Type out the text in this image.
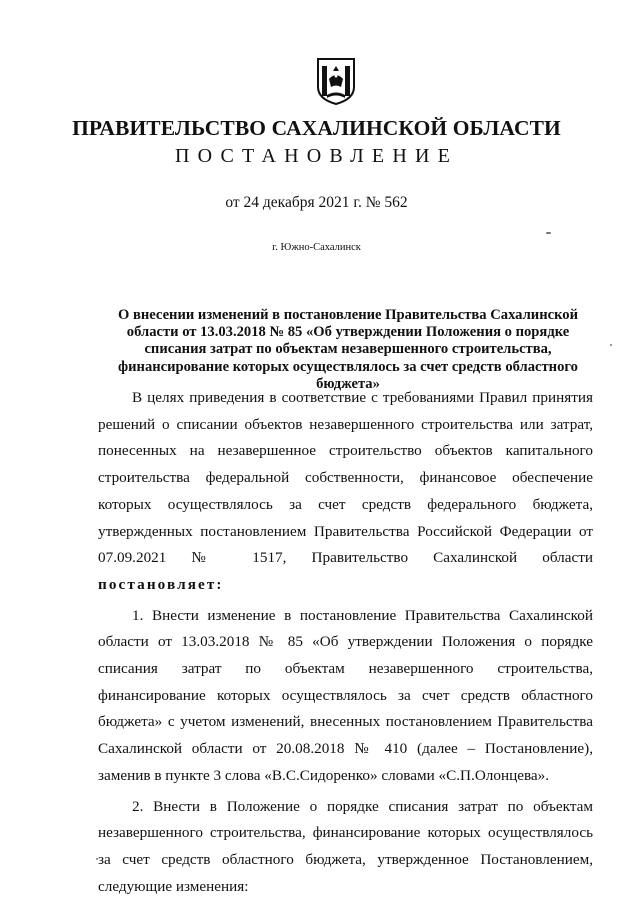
ПРАВИТЕЛЬСТВО САХАЛИНСКОЙ ОБЛАСТИ
ПОСТАНОВЛЕНИЕ
от 24 декабря 2021 г. № 562
г. Южно-Сахалинск
О внесении изменений в постановление Правительства Сахалинской области от 13.03.2018 № 85 «Об утверждении Положения о порядке списания затрат по объектам незавершенного строительства, финансирование которых осуществлялось за счет средств областного бюджета»

В целях приведения в соответствие с требованиями Правил принятия решений о списании объектов незавершенного строительства или затрат, понесенных на незавершенное строительство объектов капитального строительства федеральной собственности, финансовое обеспечение которых осуществлялось за счет средств федерального бюджета, утвержденных постановлением Правительства Российской Федерации от 07.09.2021 № 1517, Правительство Сахалинской области постановляет:

1. Внести изменение в постановление Правительства Сахалинской области от 13.03.2018 № 85 «Об утверждении Положения о порядке списания затрат по объектам незавершенного строительства, финансирование которых осуществлялось за счет средств областного бюджета» с учетом изменений, внесенных постановлением Правительства Сахалинской области от 20.08.2018 № 410 (далее – Постановление), заменив в пункте 3 слова «В.С.Сидоренко» словами «С.П.Олонцева».

2. Внести в Положение о порядке списания затрат по объектам незавершенного строительства, финансирование которых осуществлялось за счет средств областного бюджета, утвержденное Постановлением, следующие изменения:
